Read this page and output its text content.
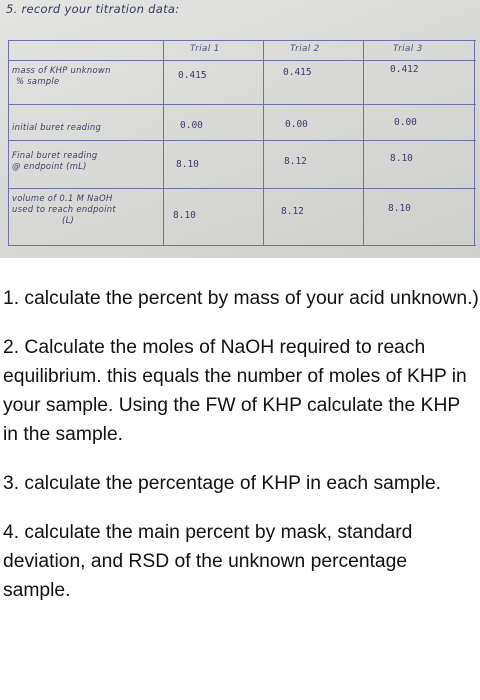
5. record your titration data:
Trial 1	Trial 2	Trial 3
mass of KHP unknown
% sample	0.415	0.415	0.412
initial buret reading	0.00	0.00	0.00
Final buret reading
@ endpoint (mL)	8.10	8.12	8.10
volume of 0.1 M NaOH
used to reach endpoint
(L)	8.10	8.12	8.10

1. calculate the percent by mass of your acid unknown.)

2. Calculate the moles of NaOH required to reach equilibrium. this equals the number of moles of KHP in your sample. Using the FW of KHP calculate the KHP in the sample.

3. calculate the percentage of KHP in each sample.

4. calculate the main percent by mask, standard deviation, and RSD of the unknown percentage sample.
